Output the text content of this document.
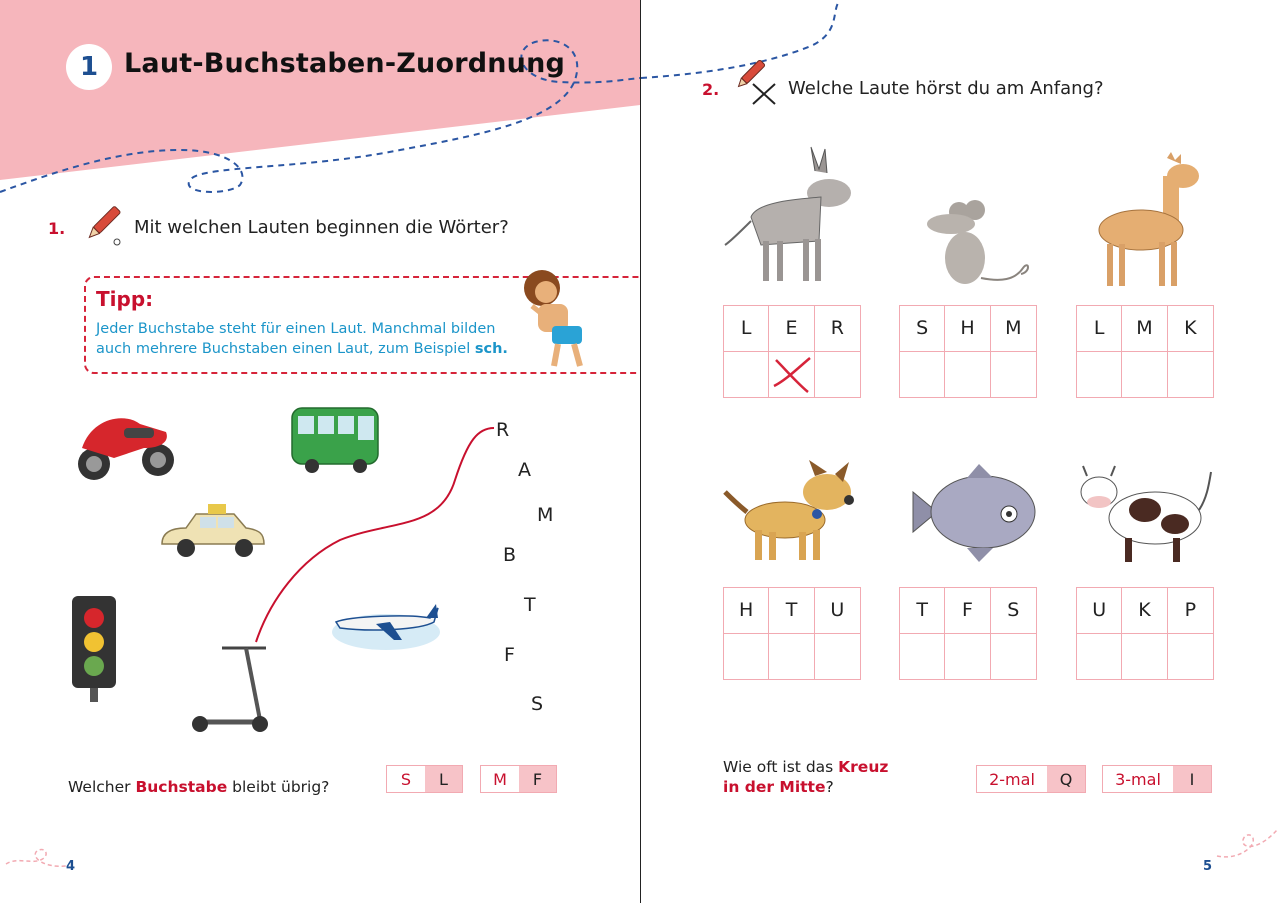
1 Laut-Buchstaben-Zuordnung
1.	Mit welchen Lauten beginnen die Wörter?
Tipp:
Jeder Buchstabe steht für einen Laut. Manchmal bilden auch mehrere Buchstaben einen Laut, zum Beispiel sch.
R
A
M
B
T
F
S
Welcher Buchstabe bleibt übrig?	S	L	M	F
4
2.	Welche Laute hörst du am Anfang?
L	E	R	S	H	M	L	M	K
H	T	U	T	F	S	U	K	P
Wie oft ist das Kreuz in der Mitte?	2-mal	Q	3-mal	I
5
